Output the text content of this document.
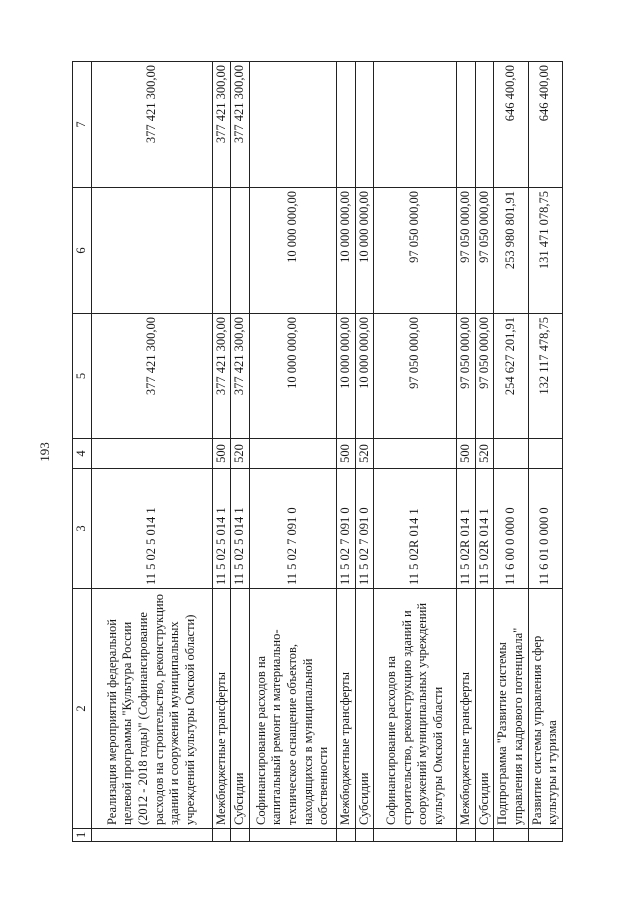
193
1	2	3	4	5	6	7
	Реализация мероприятий федеральной целевой программы "Культура России (2012 - 2018 годы)" (Софинансирование расходов на строительство, реконструкцию зданий и сооружений муниципальных учреждений культуры Омской области)	11 5 02 5 014 1		377 421 300,00		377 421 300,00
	Межбюджетные трансферты	11 5 02 5 014 1	500	377 421 300,00		377 421 300,00
	Субсидии	11 5 02 5 014 1	520	377 421 300,00		377 421 300,00
	Софинансирование расходов на капитальный ремонт и материально-техническое оснащение объектов, находящихся в муниципальной собственности	11 5 02 7 091 0		10 000 000,00	10 000 000,00	
	Межбюджетные трансферты	11 5 02 7 091 0	500	10 000 000,00	10 000 000,00	
	Субсидии	11 5 02 7 091 0	520	10 000 000,00	10 000 000,00	
	Софинансирование расходов на строительство, реконструкцию зданий и сооружений муниципальных учреждений культуры Омской области	11 5 02R 014 1		97 050 000,00	97 050 000,00	
	Межбюджетные трансферты	11 5 02R 014 1	500	97 050 000,00	97 050 000,00	
	Субсидии	11 5 02R 014 1	520	97 050 000,00	97 050 000,00	
	Подпрограмма "Развитие системы управления и кадрового потенциала"	11 6 00 0 000 0		254 627 201,91	253 980 801,91	646 400,00
	Развитие системы управления сфер культуры и туризма	11 6 01 0 000 0		132 117 478,75	131 471 078,75	646 400,00
